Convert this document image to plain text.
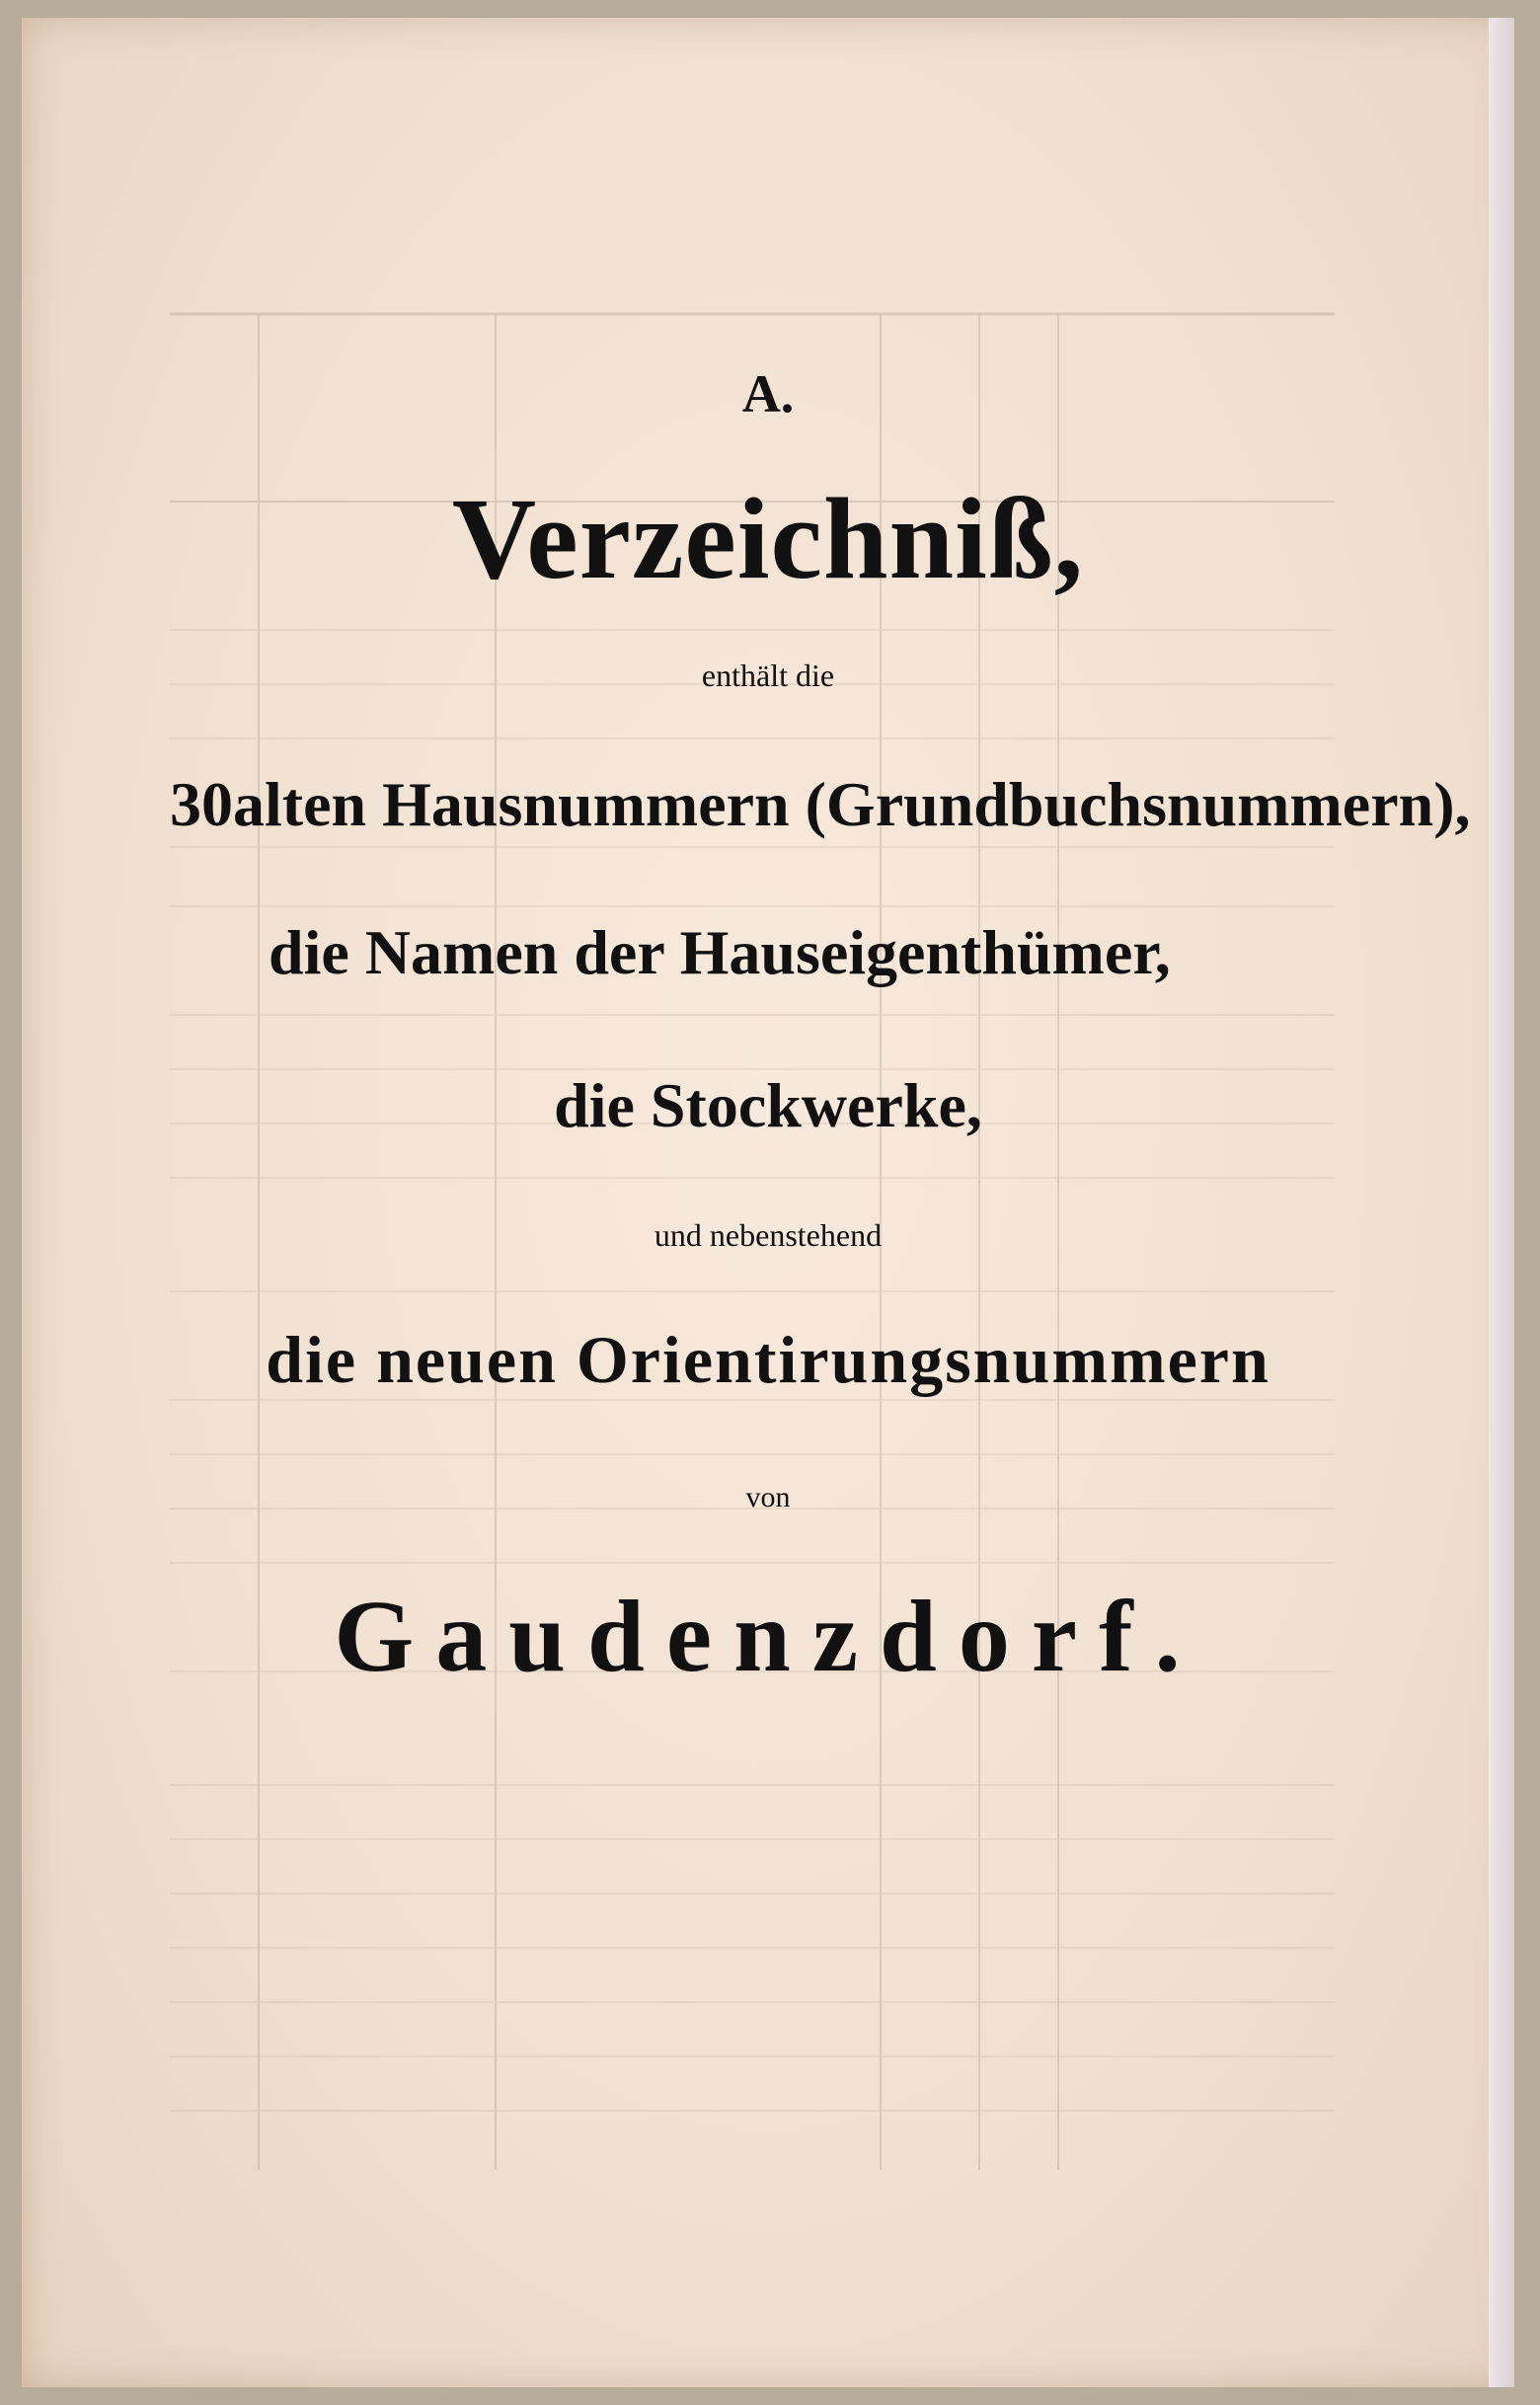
A.
Verzeichniß,
enthält die
30alten Hausnummern (Grundbuchsnummern),
die Namen der Hauseigenthümer,
die Stockwerke,
und nebenstehend
die neuen Orientirungsnummern
von
Gaudenzdorf.
